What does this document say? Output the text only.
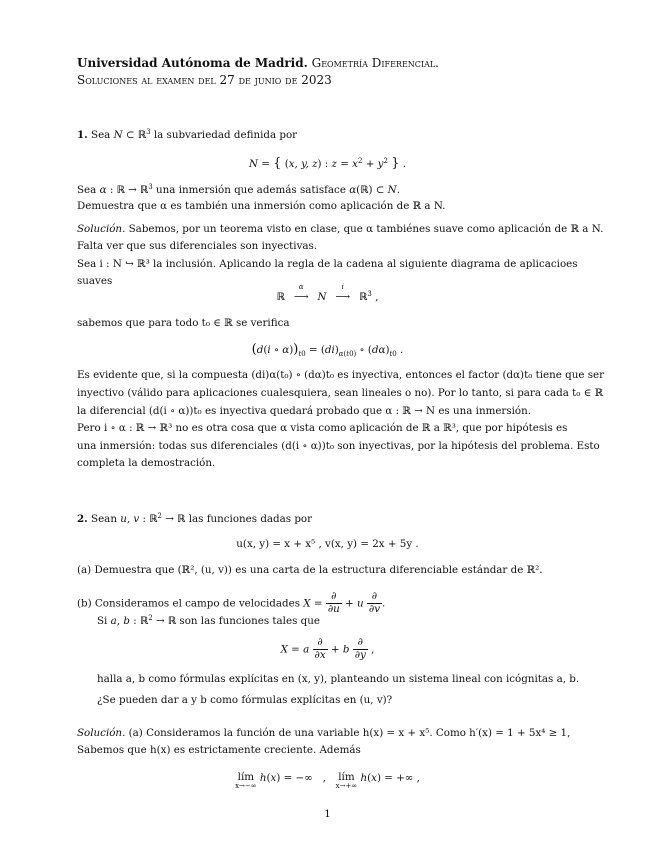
Universidad Autónoma de Madrid. Geometría Diferencial.
Soluciones al examen del 27 de junio de 2023
1. Sea N ⊂ ℝ$^3$ la subvariedad definida por
N = { (x, y, z) : $z = x^2 + y^2$ } .
Sea α : ℝ → ℝ$^3$ una inmersión que además satisface α(ℝ) ⊂ N.
Demuestra que α es también una inmersión como aplicación de ℝ a N.
Solución. Sabemos, por un teorema visto en clase, que α tambiénes suave como aplicación de ℝ a N.
Falta ver que sus diferenciales son inyectivas.
Sea i : N ↪ ℝ³ la inclusión. Aplicando la regla de la cadena al siguiente diagrama de aplicacioes
suaves
ℝ
α
⟶ N
i
⟶ ℝ$^3$ ,
sabemos que para todo t₀ ∈ ℝ se verifica
(d(i ∘ $\alpha))_{t0} = (di)_{\alpha(t0)}$ ∘ $(d\alpha)_{t0}$ .
Es evidente que, si la compuesta (di)α(t₀) ∘ (dα)t₀ es inyectiva, entonces el factor (dα)t₀ tiene que ser
inyectivo (válido para aplicaciones cualesquiera, sean lineales o no). Por lo tanto, si para cada t₀ ∈ ℝ
la diferencial (d(i ∘ α))t₀ es inyectiva quedará probado que α : ℝ → N es una inmersión.
Pero i ∘ α : ℝ → ℝ³ no es otra cosa que α vista como aplicación de ℝ a ℝ³, que por hipótesis es
una inmersión: todas sus diferenciales (d(i ∘ α))t₀ son inyectivas, por la hipótesis del problema. Esto
completa la demostración.
2. Sean u, v : ℝ$^2$ → ℝ las funciones dadas por
u(x, y) = x + x⁵ , v(x, y) = 2x + 5y .
(a) Demuestra que (ℝ², (u, v)) es una carta de la estructura diferenciable estándar de ℝ².
(b) Consideramos el campo de velocidades $X = \frac{\partial}{\partial u} + u \frac{\partial}{\partial v}$ .
Si a, b : ℝ$^2$ → ℝ son las funciones tales que
X = a $\frac{\partial}{\partial x} + b \frac{\partial}{\partial y}$ ,
halla a, b como fórmulas explícitas en (x, y), planteando un sistema lineal con icógnitas a, b.
¿Se pueden dar a y b como fórmulas explícitas en (u, v)?
Solución. (a) Consideramos la función de una variable h(x) = x + x⁵. Como h′(x) = 1 + 5x⁴ ≥ 1,
Sabemos que h(x) es estrictamente creciente. Además
lím
x→−∞
h(x) = −∞   , lím
x→+∞
h(x) = +∞ ,
1
